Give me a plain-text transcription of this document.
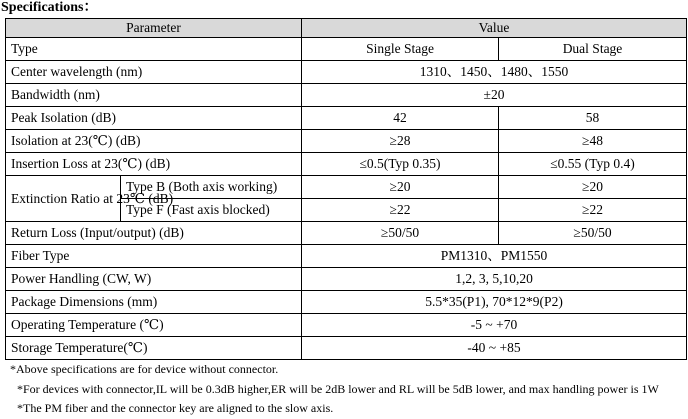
Specifications：
Parameter		Value	
Type		Single Stage	Dual Stage
Center wavelength (nm)		1310、1450、1480、1550	
Bandwidth (nm)		±20	
Peak Isolation (dB)		42	58
Isolation at 23(℃) (dB)		≥28	≥48
Insertion Loss at 23(℃) (dB)		≤0.5(Typ 0.35)	≤0.55 (Typ 0.4)
Extinction Ratio at 23℃ (dB)	Type B (Both axis working)	≥20	≥20
	Type F (Fast axis blocked)	≥22	≥22
Return Loss (Input/output) (dB)		≥50/50	≥50/50
Fiber Type		PM1310、PM1550	
Power Handling (CW, W)		1,2, 3, 5,10,20	
Package Dimensions (mm)		5.5*35(P1), 70*12*9(P2)	
Operating Temperature (℃)		-5 ~ +70	
Storage Temperature(℃)		-40 ~ +85	
*Above specifications are for device without connector.
*For devices with connector,IL will be 0.3dB higher,ER will be 2dB lower and RL will be 5dB lower, and max handling power is 1W
*The PM fiber and the connector key are aligned to the slow axis.
